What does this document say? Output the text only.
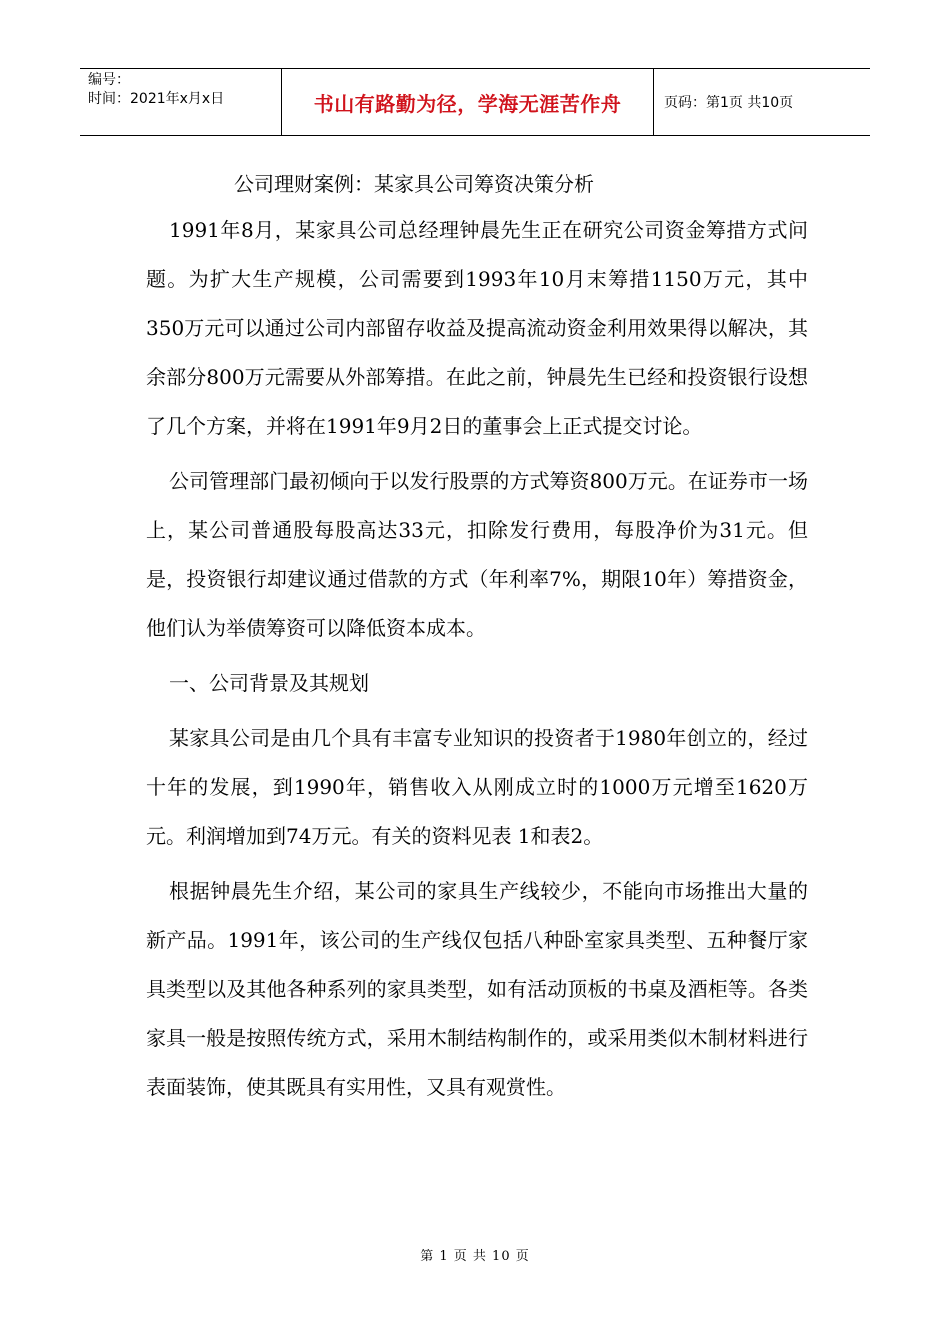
编号：
时间：2021年x月x日	书山有路勤为径，学海无涯苦作舟	页码：第1页 共10页
公司理财案例：某家具公司筹资决策分析

1991年8月，某家具公司总经理钟晨先生正在研究公司资金筹措方式问题。为扩大生产规模，公司需要到1993年10月末筹措1150万元，其中350万元可以通过公司内部留存收益及提高流动资金利用效果得以解决，其余部分800万元需要从外部筹措。在此之前，钟晨先生已经和投资银行设想了几个方案，并将在1991年9月2日的董事会上正式提交讨论。

公司管理部门最初倾向于以发行股票的方式筹资800万元。在证券市一场上，某公司普通股每股高达33元，扣除发行费用，每股净价为31元。但是，投资银行却建议通过借款的方式（年利率7%，期限10年）筹措资金，他们认为举债筹资可以降低资本成本。

一、公司背景及其规划

某家具公司是由几个具有丰富专业知识的投资者于1980年创立的，经过十年的发展，到1990年，销售收入从刚成立时的1000万元增至1620万元。利润增加到74万元。有关的资料见表 1和表2。

根据钟晨先生介绍，某公司的家具生产线较少，不能向市场推出大量的新产品。1991年，该公司的生产线仅包括八种卧室家具类型、五种餐厅家具类型以及其他各种系列的家具类型，如有活动顶板的书桌及酒柜等。各类家具一般是按照传统方式，采用木制结构制作的，或采用类似木制材料进行表面装饰，使其既具有实用性，又具有观赏性。

第 1 页 共 10 页
